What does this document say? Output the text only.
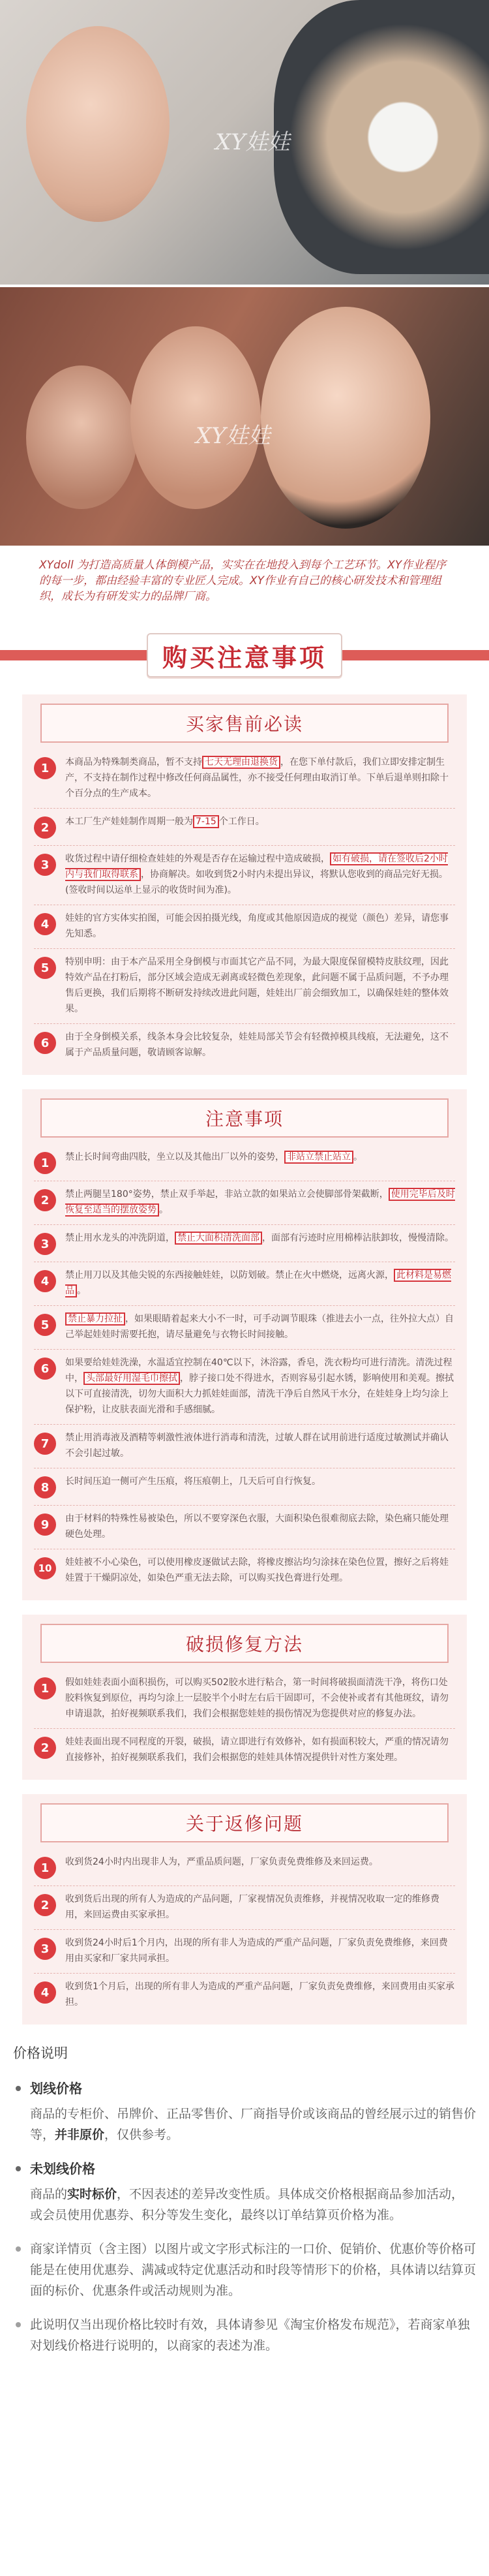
XY娃娃
XY娃娃
XYdoll 为打造高质量人体倒模产品，实实在在地投入到每个工艺环节。XY作业程序的每一步，都由经验丰富的专业匠人完成。XY作业有自己的核心研发技术和管理组织，成长为有研发实力的品牌厂商。
购买注意事项
买家售前必读
1	本商品为特殊制类商品，暂不支持 七天无理由退换货 ，在您下单付款后，我们立即安排定制生产，不支持在制作过程中修改任何商品属性，亦不接受任何理由取消订单。下单后退单则扣除十个百分点的生产成本。
2	本工厂生产娃娃制作周期一般为 7-15 个工作日。
3	收货过程中请仔细检查娃娃的外观是否存在运输过程中造成破损， 如有破损，请在签收后2小时内与我们取得联系 ，协商解决。如收到货2小时内未提出异议，将默认您收到的商品完好无损。(签收时间以运单上显示的收货时间为准)。
4	娃娃的官方实体实拍图，可能会因拍摄光线，角度或其他原因造成的视觉（颜色）差异，请您事先知悉。
5	特别申明：由于本产品采用全身倒模与市面其它产品不同，为最大限度保留模特皮肤纹理，因此特效产品在打粉后，部分区域会造成无剥离或轻微色差现象，此问题不属于品质问题，不予办理售后更换，我们后期将不断研发持续改进此问题，娃娃出厂前会细致加工，以确保娃娃的整体效果。
6	由于全身倒模关系，线条本身会比较复杂，娃娃局部关节会有轻微掉模具线痕，无法避免，这不属于产品质量问题，敬请顾客谅解。
注意事项
1	禁止长时间弯曲四肢，坐立以及其他出厂以外的姿势， 非站立禁止站立 。
2	禁止两腿呈180°姿势，禁止双手举起，非站立款的如果站立会使脚部骨架截断， 使用完毕后及时恢复至适当的摆放姿势 。
3	禁止用水龙头的冲洗阴道， 禁止大面积清洗面部 ，面部有污迹时应用棉棒沾肤卸妆，慢慢清除。
4	禁止用刀以及其他尖锐的东西接触娃娃，以防划破。禁止在火中燃烧，远离火源， 此材料是易燃品 。
5	禁止暴力拉扯 ，如果眼睛着起来大小不一时，可手动调节眼珠（推进去小一点，往外拉大点）自己举起娃娃时需要托抱，请尽量避免与衣物长时间接触。
6	如果要给娃娃洗澡，水温适宜控制在40℃以下，沐浴露，香皂，洗衣粉均可进行清洗。清洗过程中， 头部最好用湿毛巾擦拭 ，脖子接口处不得进水，否则容易引起水锈，影响使用和美观。擦拭以下可直接清洗，切勿大面积大力抓娃娃面部，清洗干净后自然风干水分，在娃娃身上均匀涂上保护粉，让皮肤表面光滑和手感细腻。
7	禁止用消毒液及酒精等刺激性液体进行消毒和清洗，过敏人群在试用前进行适度过敏测试并确认不会引起过敏。
8	长时间压迫一侧可产生压痕，将压痕朝上，几天后可自行恢复。
9	由于材料的特殊性易被染色，所以不要穿深色衣服，大面积染色很难彻底去除，染色痛只能处理硬色处理。
10	娃娃被不小心染色，可以使用橡皮逐做试去除，将橡皮擦沾均匀涂抹在染色位置，擦好之后将娃娃置于干燥阴凉处，如染色严重无法去除，可以购买找色膏进行处理。
破损修复方法
1	假如娃娃表面小面积损伤，可以购买502胶水进行粘合，第一时间将破损面清洗干净，将伤口处胶料恢复到原位，再均匀涂上一层胶半个小时左右后干固即可，不会使补或者有其他斑纹，请勿申请退款，拍好视频联系我们，我们会根据您娃娃的损伤情况为您提供对应的修复办法。
2	娃娃表面出现不同程度的开裂，破损，请立即进行有效修补，如有损面积较大，严重的情况请勿直接修补，拍好视频联系我们，我们会根据您的娃娃具体情况提供针对性方案处理。
关于返修问题
1	收到货24小时内出现非人为，严重品质问题，厂家负责免费维修及来回运费。
2	收到货后出现的所有人为造成的产品问题，厂家视情况负责维修，并视情况收取一定的维修费用，来回运费由买家承担。
3	收到货24小时后1个月内，出现的所有非人为造成的严重产品问题，厂家负责免费维修，来回费用由买家和厂家共同承担。
4	收到货1个月后，出现的所有非人为造成的严重产品问题，厂家负责免费维修，来回费用由买家承担。
价格说明
划线价格
商品的专柜价、吊牌价、正品零售价、厂商指导价或该商品的曾经展示过的销售价等，并非原价，仅供参考。
未划线价格
商品的实时标价，不因表述的差异改变性质。具体成交价格根据商品参加活动，或会员使用优惠券、积分等发生变化，最终以订单结算页价格为准。
商家详情页（含主图）以图片或文字形式标注的一口价、促销价、优惠价等价格可能是在使用优惠券、满减或特定优惠活动和时段等情形下的价格，具体请以结算页面的标价、优惠条件或活动规则为准。
此说明仅当出现价格比较时有效，具体请参见《淘宝价格发布规范》，若商家单独对划线价格进行说明的，以商家的表述为准。
